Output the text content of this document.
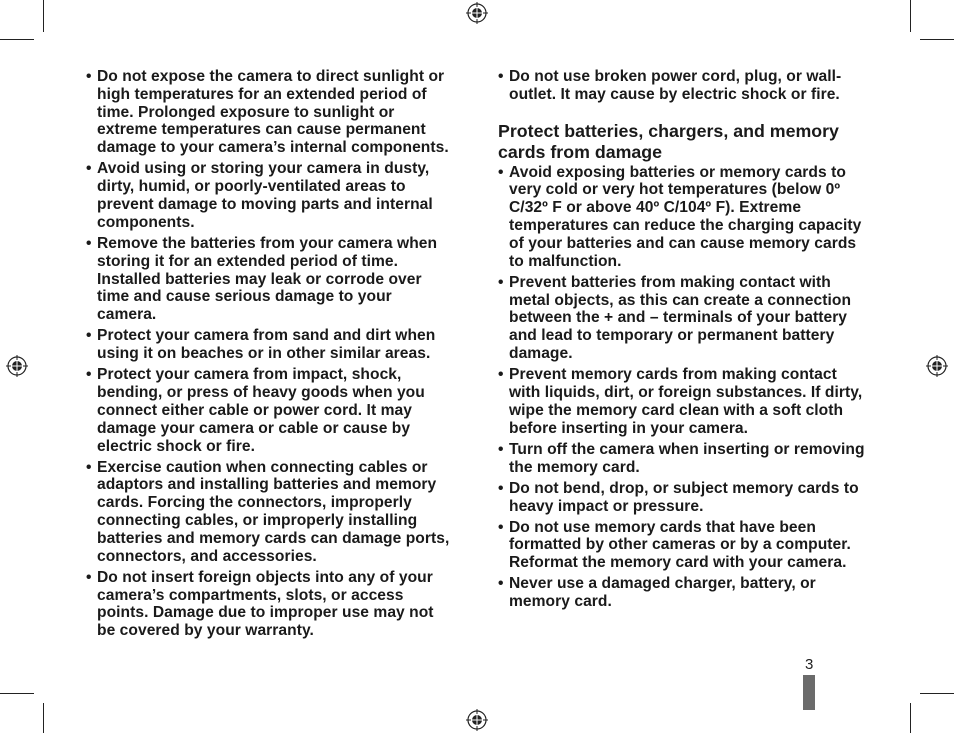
• Do not expose the camera to direct sunlight or high temperatures for an extended period of time. Prolonged exposure to sunlight or extreme temperatures can cause permanent damage to your camera’s internal components.
• Avoid using or storing your camera in dusty, dirty, humid, or poorly-ventilated areas to prevent damage to moving parts and internal components.
• Remove the batteries from your camera when storing it for an extended period of time. Installed batteries may leak or corrode over time and cause serious damage to your camera.
• Protect your camera from sand and dirt when using it on beaches or in other similar areas.
• Protect your camera from impact, shock, bending, or press of heavy goods when you connect either cable or power cord. It may damage your camera or cable or cause by electric shock or fire.
• Exercise caution when connecting cables or adaptors and installing batteries and memory cards. Forcing the connectors, improperly connecting cables, or improperly installing batteries and memory cards can damage ports, connectors, and accessories.
• Do not insert foreign objects into any of your camera’s compartments, slots, or access points. Damage due to improper use may not be covered by your warranty.
• Do not use broken power cord, plug, or wall-outlet. It may cause by electric shock or fire.
Protect batteries, chargers, and memory cards from damage
• Avoid exposing batteries or memory cards to very cold or very hot temperatures (below 0º C/32º F or above 40º C/104º F). Extreme temperatures can reduce the charging capacity of your batteries and can cause memory cards to malfunction.
• Prevent batteries from making contact with metal objects, as this can create a connection between the + and – terminals of your battery and lead to temporary or permanent battery damage.
• Prevent memory cards from making contact with liquids, dirt, or foreign substances. If dirty, wipe the memory card clean with a soft cloth before inserting in your camera.
• Turn off the camera when inserting or removing the memory card.
• Do not bend, drop, or subject memory cards to heavy impact or pressure.
• Do not use memory cards that have been formatted by other cameras or by a computer. Reformat the memory card with your camera.
• Never use a damaged charger, battery, or memory card.
3
